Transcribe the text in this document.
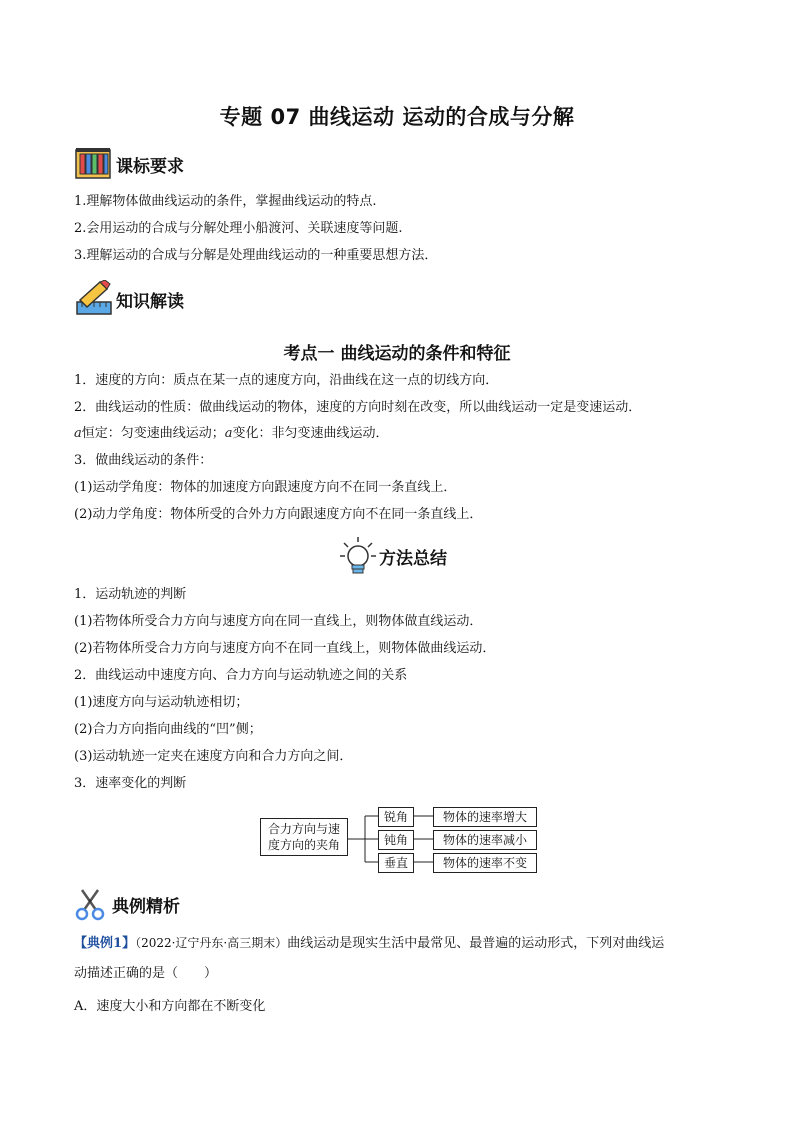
专题 07 曲线运动 运动的合成与分解
课标要求
1.理解物体做曲线运动的条件，掌握曲线运动的特点.
2.会用运动的合成与分解处理小船渡河、关联速度等问题.
3.理解运动的合成与分解是处理曲线运动的一种重要思想方法．
知识解读
考点一 曲线运动的条件和特征
1．速度的方向：质点在某一点的速度方向，沿曲线在这一点的切线方向．
2．曲线运动的性质：做曲线运动的物体，速度的方向时刻在改变，所以曲线运动一定是变速运动．
a恒定：匀变速曲线运动；a变化：非匀变速曲线运动．
3．做曲线运动的条件：
(1)运动学角度：物体的加速度方向跟速度方向不在同一条直线上．
(2)动力学角度：物体所受的合外力方向跟速度方向不在同一条直线上．
方法总结
1．运动轨迹的判断
(1)若物体所受合力方向与速度方向在同一直线上，则物体做直线运动．
(2)若物体所受合力方向与速度方向不在同一直线上，则物体做曲线运动．
2．曲线运动中速度方向、合力方向与运动轨迹之间的关系
(1)速度方向与运动轨迹相切；
(2)合力方向指向曲线的“凹”侧；
(3)运动轨迹一定夹在速度方向和合力方向之间．
3．速率变化的判断
合力方向与速度方向的夹角
锐角
钝角
垂直
物体的速率增大
物体的速率减小
物体的速率不变
典例精析
【典例1】（2022·辽宁丹东·高三期末）曲线运动是现实生活中最常见、最普遍的运动形式，下列对曲线运
动描述正确的是（　　）
A．速度大小和方向都在不断变化
